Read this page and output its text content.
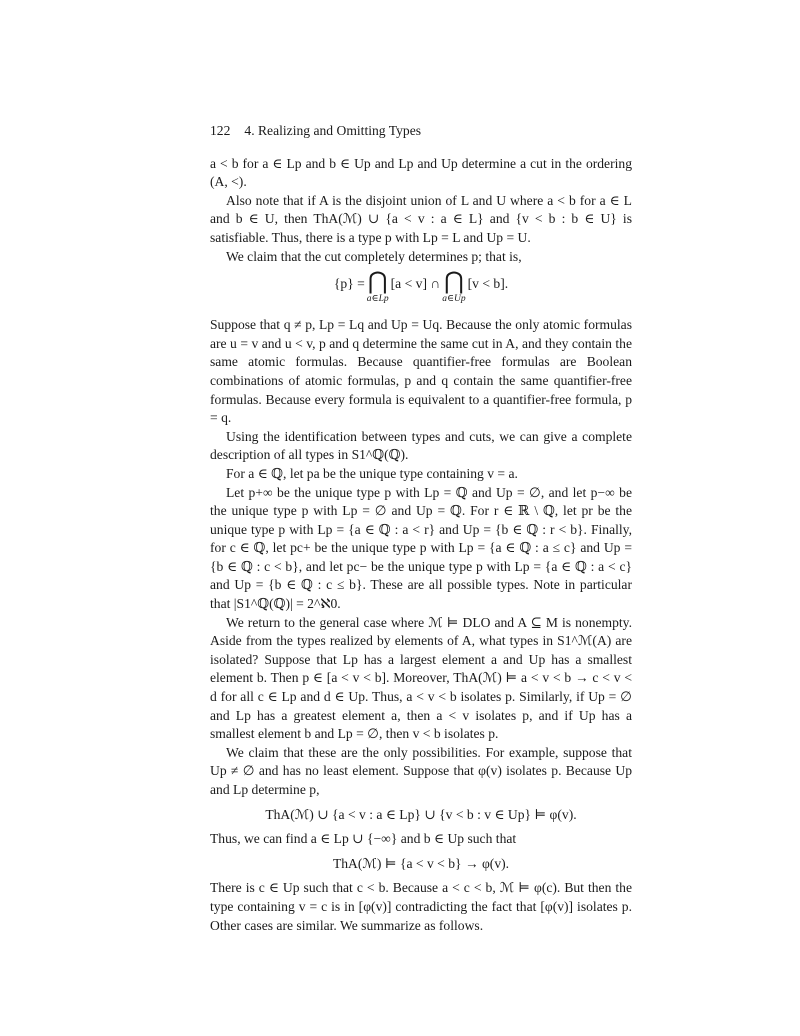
122 4. Realizing and Omitting Types

a < b for a ∈ Lp and b ∈ Up and Lp and Up determine a cut in the ordering (A, <).

Also note that if A is the disjoint union of L and U where a < b for a ∈ L and b ∈ U, then ThA(ℳ) ∪ {a < v : a ∈ L} and {v < b : b ∈ U} is satisfiable. Thus, there is a type p with Lp = L and Up = U.

We claim that the cut completely determines p; that is,

{p} = ⋂
a∈Lp
[a < v] ∩ ⋂
a∈Up
[v < b].

Suppose that q ≠ p, Lp = Lq and Up = Uq. Because the only atomic formulas are u = v and u < v, p and q determine the same cut in A, and they contain the same atomic formulas. Because quantifier-free formulas are Boolean combinations of atomic formulas, p and q contain the same quantifier-free formulas. Because every formula is equivalent to a quantifier-free formula, p = q.

Using the identification between types and cuts, we can give a complete description of all types in S1^ℚ(ℚ).

For a ∈ ℚ, let pa be the unique type containing v = a.

Let p+∞ be the unique type p with Lp = ℚ and Up = ∅, and let p−∞ be the unique type p with Lp = ∅ and Up = ℚ. For r ∈ ℝ \ ℚ, let pr be the unique type p with Lp = {a ∈ ℚ : a < r} and Up = {b ∈ ℚ : r < b}. Finally, for c ∈ ℚ, let pc+ be the unique type p with Lp = {a ∈ ℚ : a ≤ c} and Up = {b ∈ ℚ : c < b}, and let pc− be the unique type p with Lp = {a ∈ ℚ : a < c} and Up = {b ∈ ℚ : c ≤ b}. These are all possible types. Note in particular that |S1^ℚ(ℚ)| = 2^ℵ0.

We return to the general case where ℳ ⊨ DLO and A ⊆ M is nonempty. Aside from the types realized by elements of A, what types in S1^ℳ(A) are isolated? Suppose that Lp has a largest element a and Up has a smallest element b. Then p ∈ [a < v < b]. Moreover, ThA(ℳ) ⊨ a < v < b → c < v < d for all c ∈ Lp and d ∈ Up. Thus, a < v < b isolates p. Similarly, if Up = ∅ and Lp has a greatest element a, then a < v isolates p, and if Up has a smallest element b and Lp = ∅, then v < b isolates p.

We claim that these are the only possibilities. For example, suppose that Up ≠ ∅ and has no least element. Suppose that φ(v) isolates p. Because Up and Lp determine p,

ThA(ℳ) ∪ {a < v : a ∈ Lp} ∪ {v < b : v ∈ Up} ⊨ φ(v).

Thus, we can find a ∈ Lp ∪ {−∞} and b ∈ Up such that

ThA(ℳ) ⊨ {a < v < b} → φ(v).

There is c ∈ Up such that c < b. Because a < c < b, ℳ ⊨ φ(c). But then the type containing v = c is in [φ(v)] contradicting the fact that [φ(v)] isolates p. Other cases are similar. We summarize as follows.
